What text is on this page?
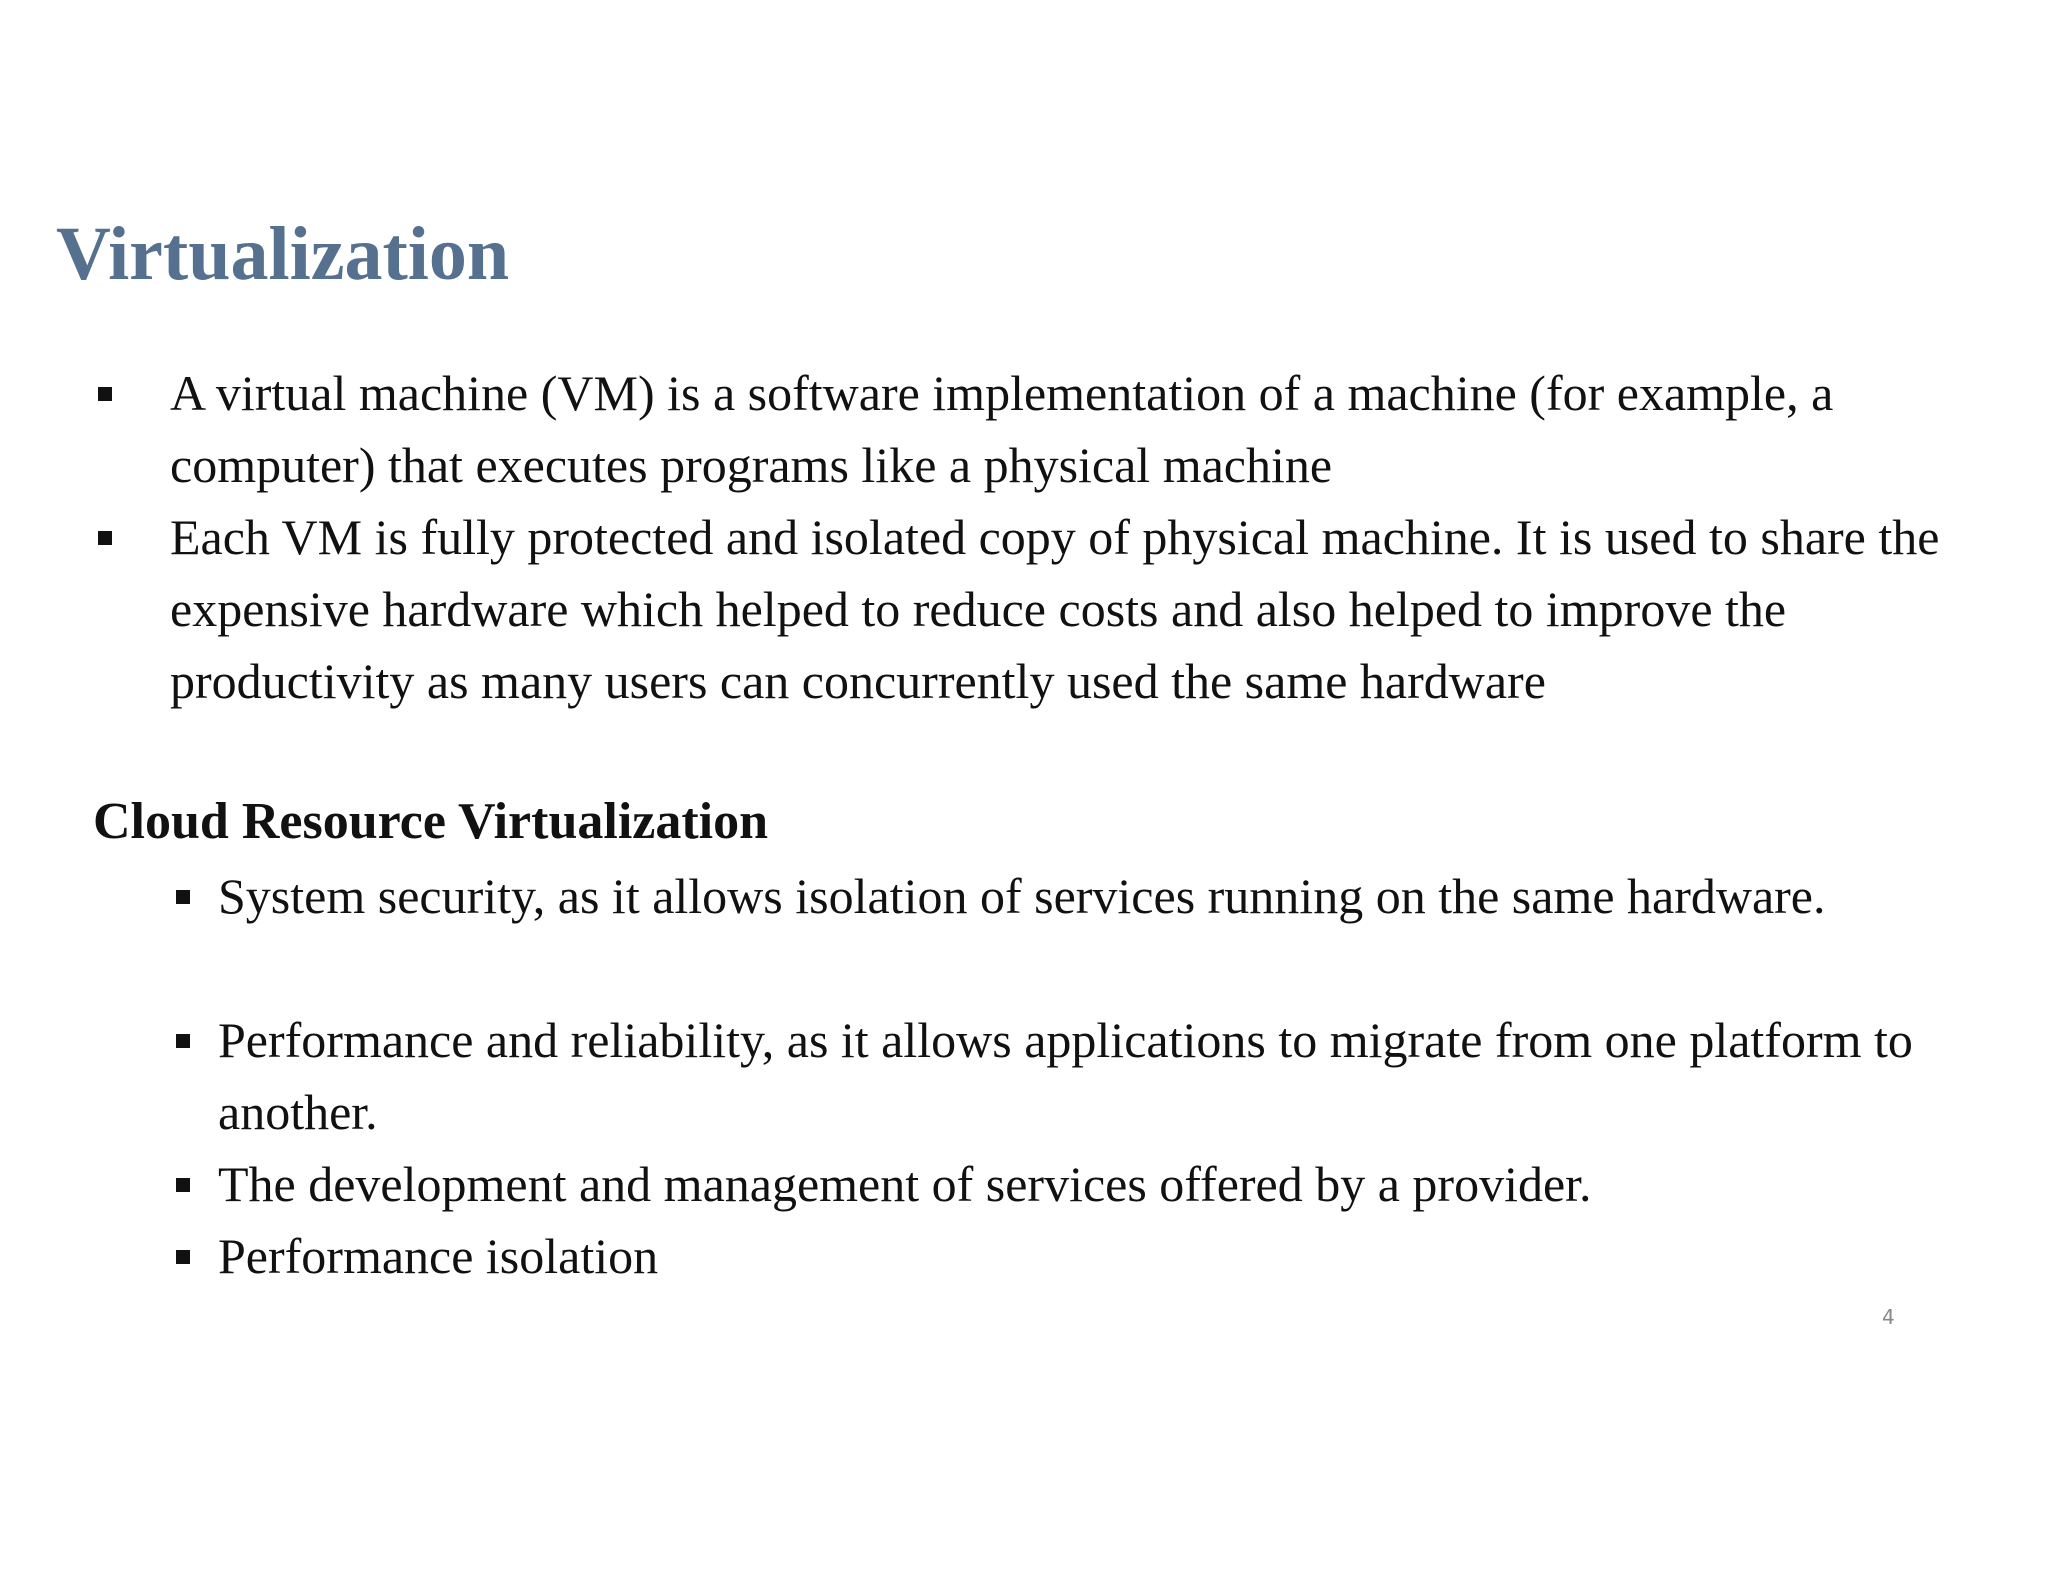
Virtualization
A virtual machine (VM) is a software implementation of a machine (for example, a computer) that executes programs like a physical machine
Each VM is fully protected and isolated copy of physical machine. It is used to share the expensive hardware which helped to reduce costs and also helped to improve the productivity as many users can concurrently used the same hardware
Cloud Resource Virtualization
System security, as it allows isolation of services running on the same hardware.
Performance and reliability, as it allows applications to migrate from one platform to another.
The development and management of services offered by a provider.
Performance isolation
4
